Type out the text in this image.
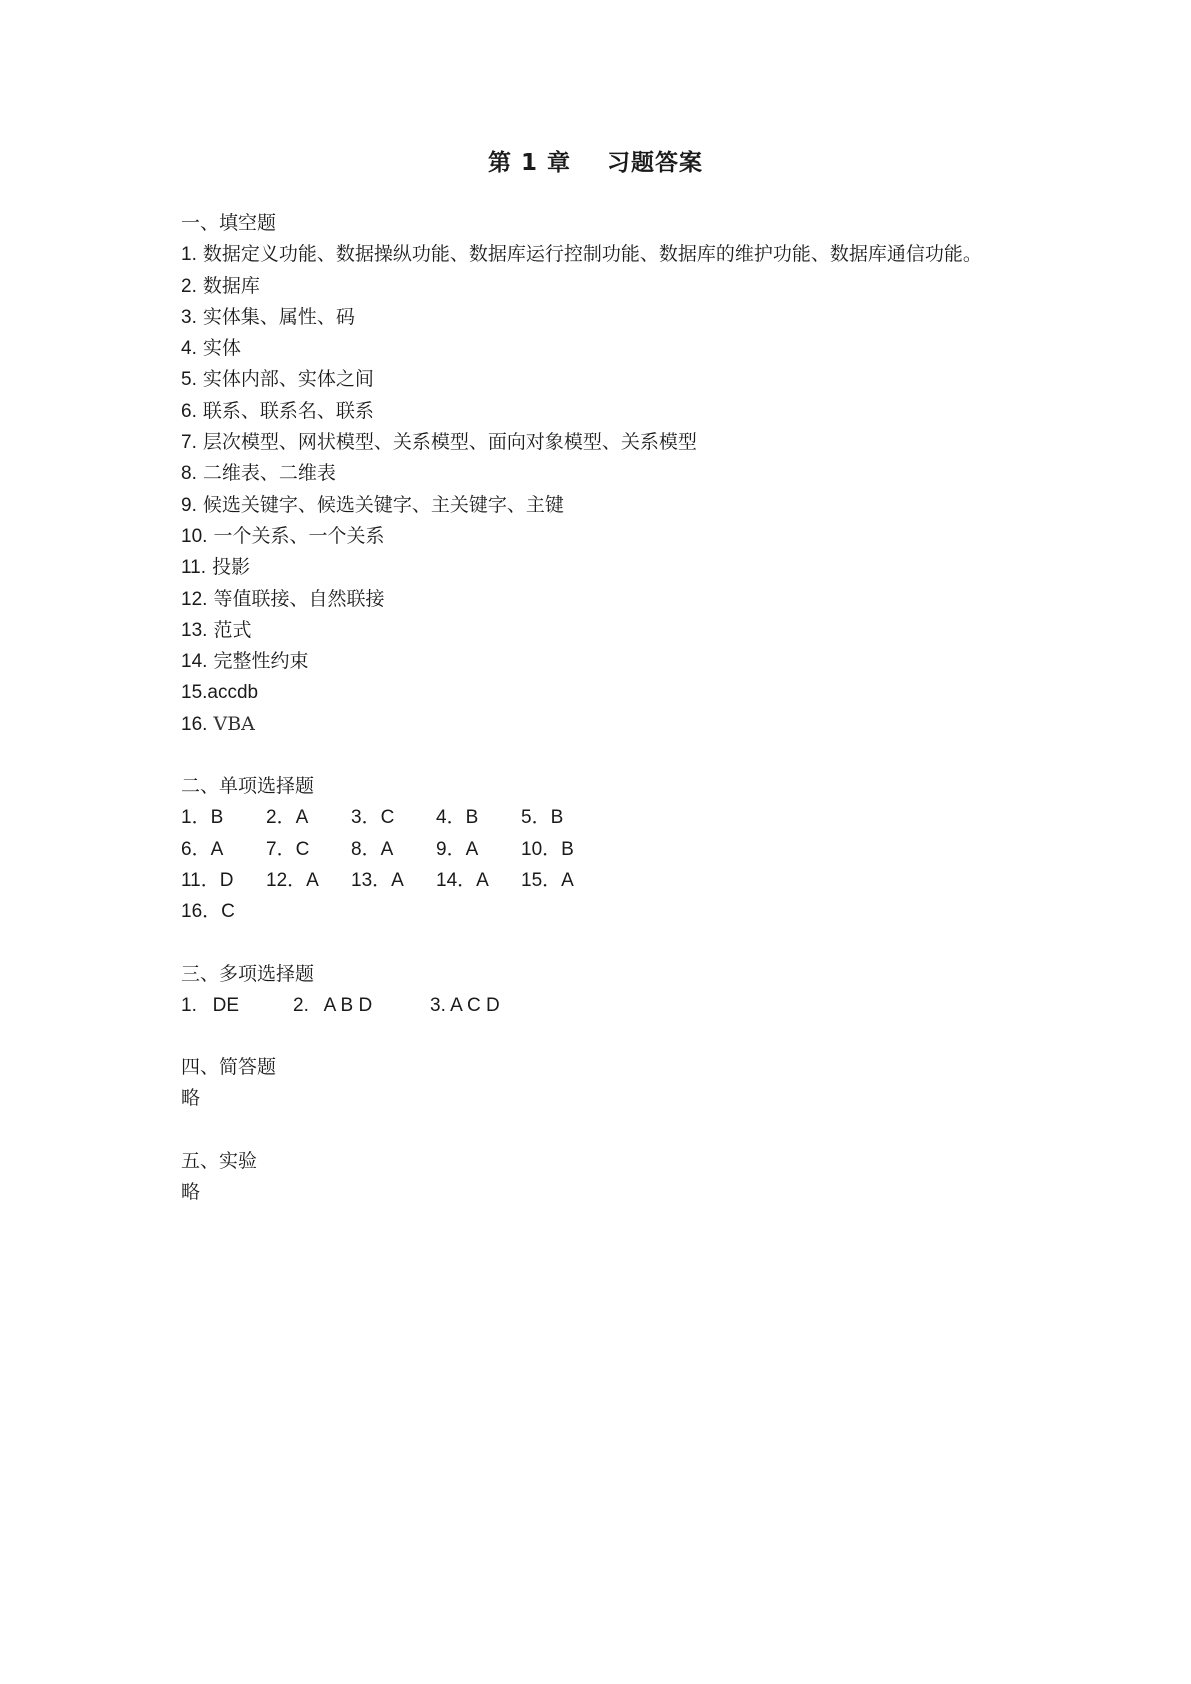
第 1 章 习题答案
一、填空题
1. 数据定义功能、数据操纵功能、数据库运行控制功能、数据库的维护功能、数据库通信功能。
2. 数据库
3. 实体集、属性、码
4. 实体
5. 实体内部、实体之间
6. 联系、联系名、联系
7. 层次模型、网状模型、关系模型、面向对象模型、关系模型
8. 二维表、二维表
9. 候选关键字、候选关键字、主关键字、主键
10. 一个关系、一个关系
11. 投影
12. 等值联接、自然联接
13. 范式
14. 完整性约束
15.accdb
16. VBA
二、单项选择题
1．B	2．A	3．C	4．B	5．B
6．A	7．C	8．A	9．A	10．B
11．D	12．A	13．A	14．A	15．A
16．C
三、多项选择题
1.   DE	2.   A B D	3. A C D
四、简答题
略
五、实验
略
